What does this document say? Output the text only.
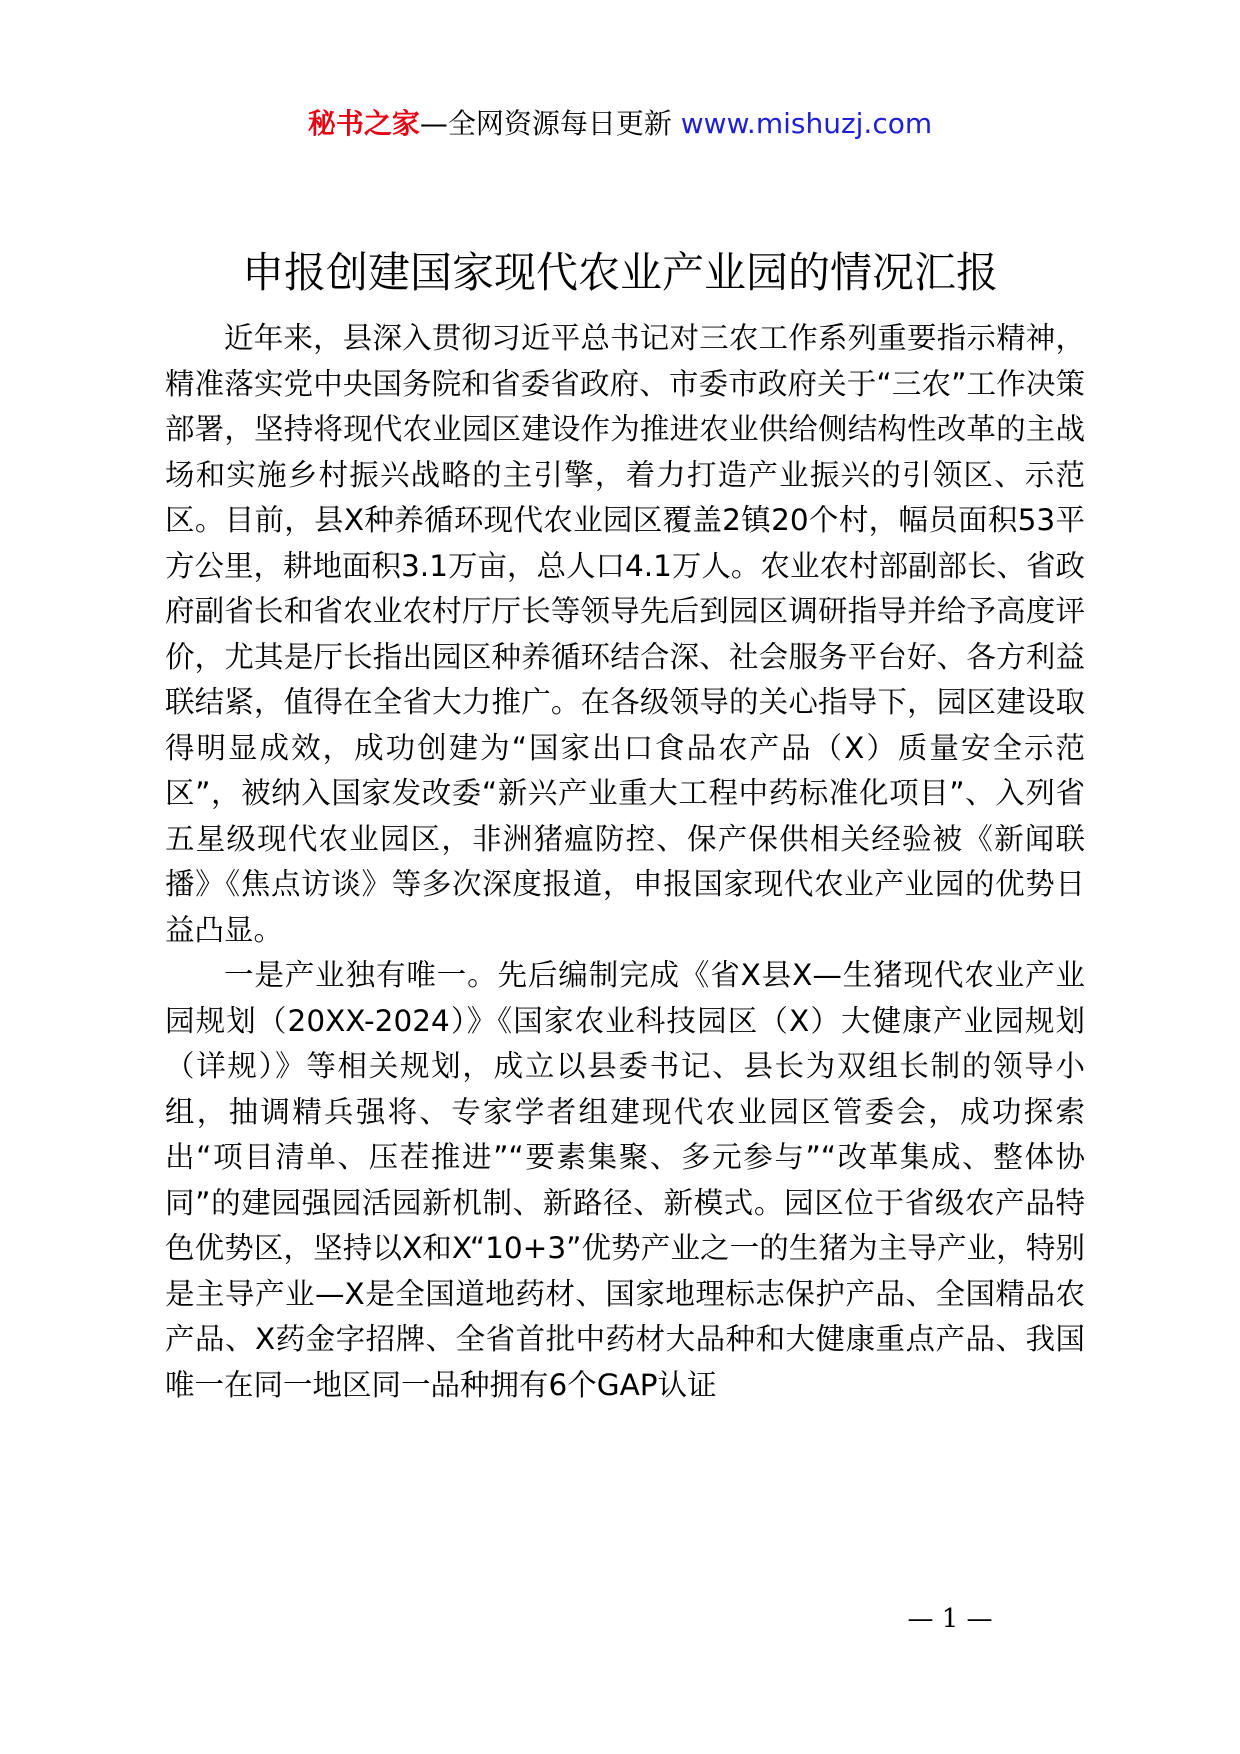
秘书之家—全网资源每日更新 www.mishuzj.com
申报创建国家现代农业产业园的情况汇报

近年来，县深入贯彻习近平总书记对三农工作系列重要指示精神，精准落实党中央国务院和省委省政府、市委市政府关于“三农”工作决策部署，坚持将现代农业园区建设作为推进农业供给侧结构性改革的主战场和实施乡村振兴战略的主引擎，着力打造产业振兴的引领区、示范区。目前，县X种养循环现代农业园区覆盖2镇20个村，幅员面积53平方公里，耕地面积3.1万亩，总人口4.1万人。农业农村部副部长、省政府副省长和省农业农村厅厅长等领导先后到园区调研指导并给予高度评价，尤其是厅长指出园区种养循环结合深、社会服务平台好、各方利益联结紧，值得在全省大力推广。在各级领导的关心指导下，园区建设取得明显成效，成功创建为“国家出口食品农产品（X）质量安全示范区”，被纳入国家发改委“新兴产业重大工程中药标准化项目”、入列省五星级现代农业园区，非洲猪瘟防控、保产保供相关经验被《新闻联播》《焦点访谈》等多次深度报道，申报国家现代农业产业园的优势日益凸显。

一是产业独有唯一。先后编制完成《省X县X—生猪现代农业产业园规划（20XX-2024）》《国家农业科技园区（X）大健康产业园规划（详规）》等相关规划，成立以县委书记、县长为双组长制的领导小组，抽调精兵强将、专家学者组建现代农业园区管委会，成功探索出“项目清单、压茬推进”“要素集聚、多元参与”“改革集成、整体协同”的建园强园活园新机制、新路径、新模式。园区位于省级农产品特色优势区，坚持以X和X“10+3”优势产业之一的生猪为主导产业，特别是主导产业—X是全国道地药材、国家地理标志保护产品、全国精品农产品、X药金字招牌、全省首批中药材大品种和大健康重点产品、我国唯一在同一地区同一品种拥有6个GAP认证

— 1 —
